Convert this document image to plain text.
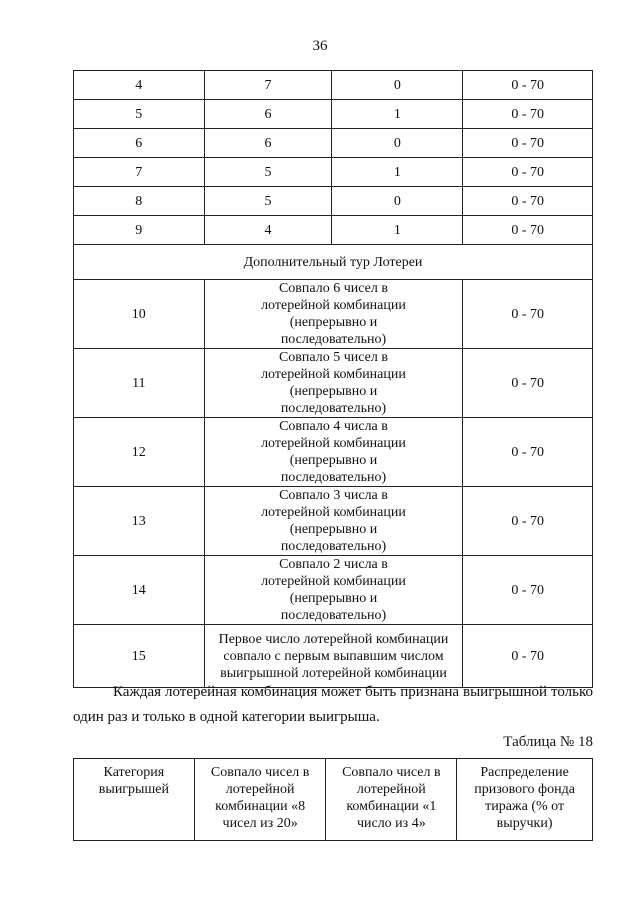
36
4	7	0	0 - 70
5	6	1	0 - 70
6	6	0	0 - 70
7	5	1	0 - 70
8	5	0	0 - 70
9	4	1	0 - 70
Дополнительный тур Лотереи			
10	Совпало 6 чисел в лотерейной комбинации (непрерывно и последовательно)		0 - 70
11	Совпало 5 чисел в лотерейной комбинации (непрерывно и последовательно)		0 - 70
12	Совпало 4 числа в лотерейной комбинации (непрерывно и последовательно)		0 - 70
13	Совпало 3 числа в лотерейной комбинации (непрерывно и последовательно)		0 - 70
14	Совпало 2 числа в лотерейной комбинации (непрерывно и последовательно)		0 - 70
15	Первое число лотерейной комбинации совпало с первым выпавшим числом выигрышной лотерейной комбинации		0 - 70
Каждая лотерейная комбинация может быть признана выигрышной только один раз и только в одной категории выигрыша.
Таблица № 18
Категория выигрышей	Совпало чисел в лотерейной комбинации «8 чисел из 20»	Совпало чисел в лотерейной комбинации «1 число из 4»	Распределение призового фонда тиража (% от выручки)
